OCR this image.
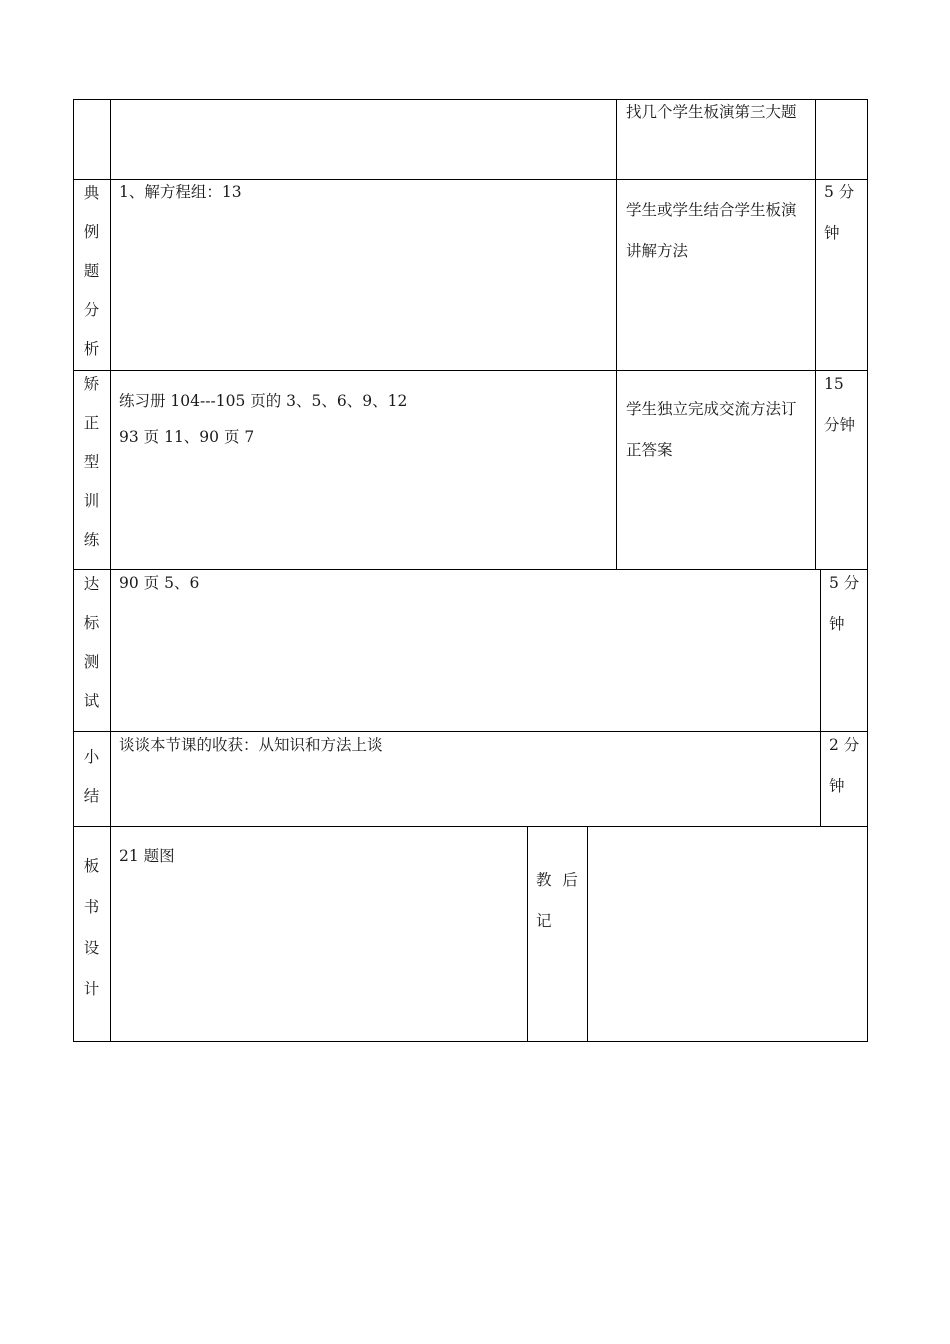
找几个学生板演第三大题
典例题分析
1、解方程组：13
学生或学生结合学生板演讲解方法
5 分钟
矫正型训练
练习册 104---105 页的 3、5、6、9、12
93 页 11、90 页 7
学生独立完成交流方法订正答案
15 分钟
达标测试
90 页 5、6	5 分钟
小结
谈谈本节课的收获：从知识和方法上谈	2 分钟
板书设计
21 题图
教 后 记
